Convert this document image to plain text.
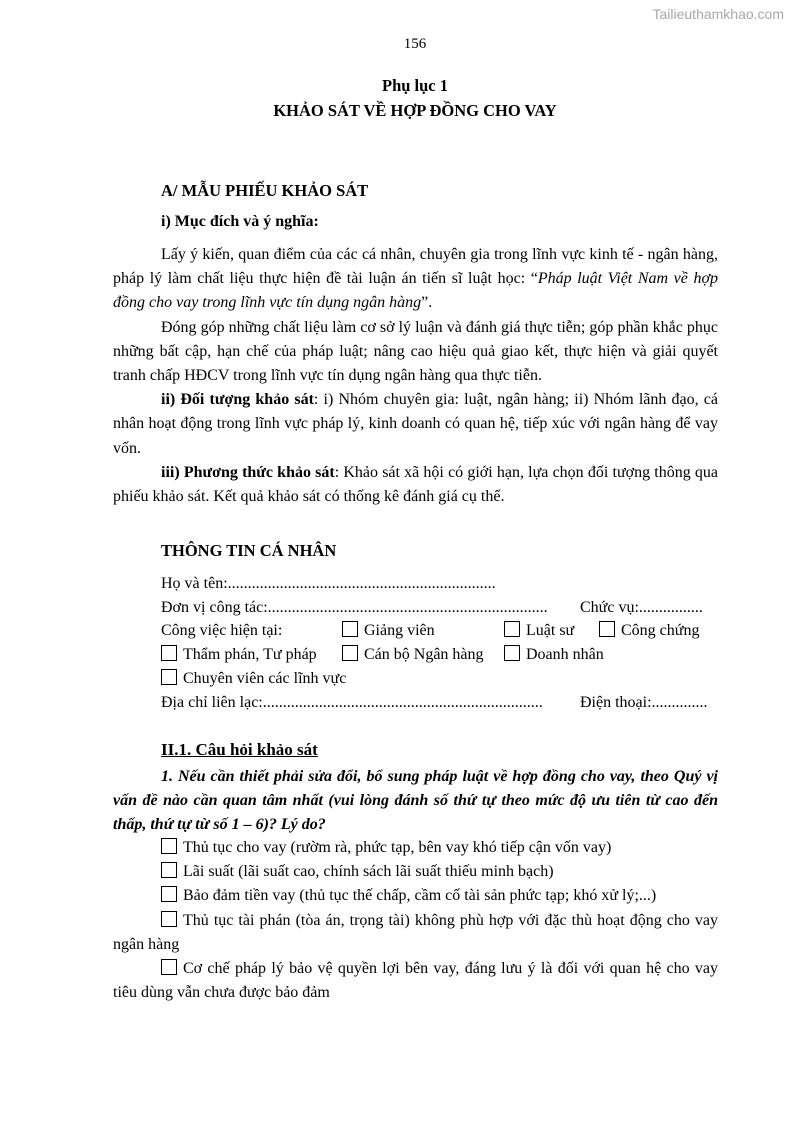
Tailieuthamkhao.com
156
Phụ lục 1
KHẢO SÁT VỀ HỢP ĐỒNG CHO VAY
A/ MẪU PHIẾU KHẢO SÁT
i) Mục đích và ý nghĩa:

Lấy ý kiến, quan điểm của các cá nhân, chuyên gia trong lĩnh vực kinh tế - ngân hàng, pháp lý làm chất liệu thực hiện đề tài luận án tiến sĩ luật học: “Pháp luật Việt Nam về hợp đồng cho vay trong lĩnh vực tín dụng ngân hàng”.

Đóng góp những chất liệu làm cơ sở lý luận và đánh giá thực tiễn; góp phần khắc phục những bất cập, hạn chế của pháp luật; nâng cao hiệu quả giao kết, thực hiện và giải quyết tranh chấp HĐCV trong lĩnh vực tín dụng ngân hàng qua thực tiễn.

ii) Đối tượng khảo sát: i) Nhóm chuyên gia: luật, ngân hàng; ii) Nhóm lãnh đạo, cá nhân hoạt động trong lĩnh vực pháp lý, kinh doanh có quan hệ, tiếp xúc với ngân hàng để vay vốn.

iii) Phương thức khảo sát: Khảo sát xã hội có giới hạn, lựa chọn đối tượng thông qua phiếu khảo sát. Kết quả khảo sát có thống kê đánh giá cụ thể.

THÔNG TIN CÁ NHÂN
Họ và tên:...................................................................
Đơn vị công tác:...................................................................... Chức vụ:................
Công việc hiện tại:	Giảng viên	Luật sư	Công chứng
Thẩm phán, Tư pháp	Cán bộ Ngân hàng	Doanh nhân
Chuyên viên các lĩnh vực
Địa chỉ liên lạc:...................................................................... Điện thoại:..............
II.1. Câu hỏi khảo sát

1. Nếu cần thiết phải sửa đổi, bổ sung pháp luật về hợp đồng cho vay, theo Quý vị vấn đề nào cần quan tâm nhất (vui lòng đánh số thứ tự theo mức độ ưu tiên từ cao đến thấp, thứ tự từ số 1 – 6)? Lý do?

Thủ tục cho vay (rườm rà, phức tạp, bên vay khó tiếp cận vốn vay)

Lãi suất (lãi suất cao, chính sách lãi suất thiếu minh bạch)

Bảo đảm tiền vay (thủ tục thế chấp, cầm cố tài sản phức tạp; khó xử lý;...)

Thủ tục tài phán (tòa án, trọng tài) không phù hợp với đặc thù hoạt động cho vay ngân hàng

Cơ chế pháp lý bảo vệ quyền lợi bên vay, đáng lưu ý là đối với quan hệ cho vay tiêu dùng vẫn chưa được bảo đảm
